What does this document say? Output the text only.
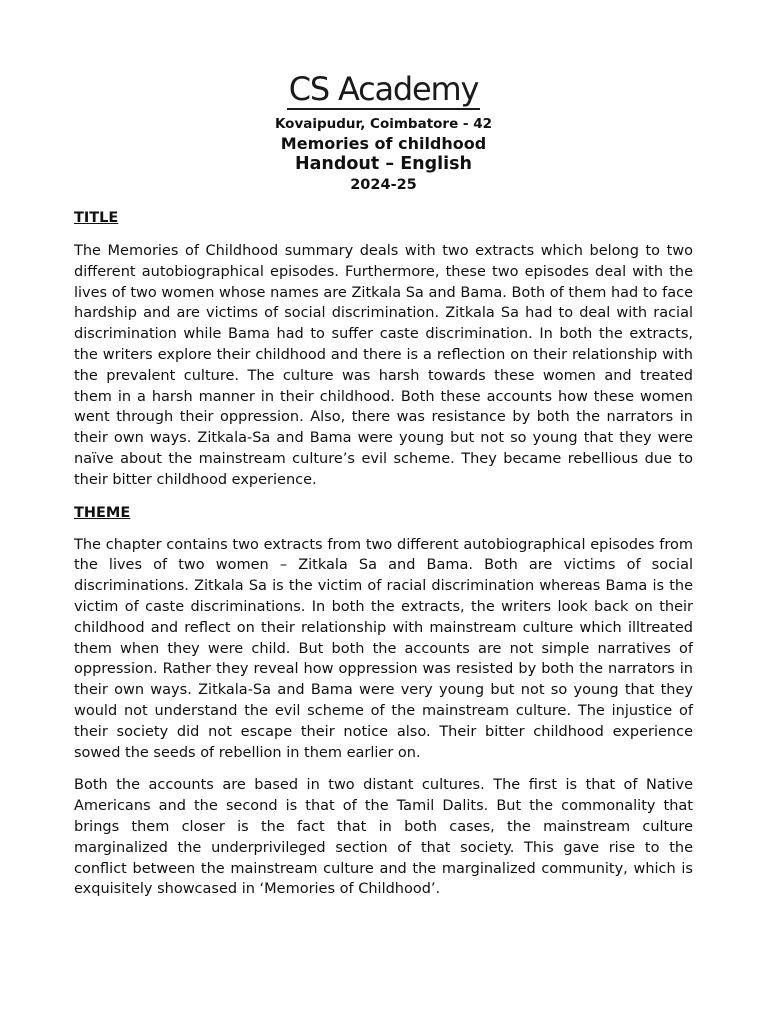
CS Academy
Kovaipudur, Coimbatore - 42
Memories of childhood
Handout – English
2024-25
TITLE

The Memories of Childhood summary deals with two extracts which belong to two different autobiographical episodes. Furthermore, these two episodes deal with the lives of two women whose names are Zitkala Sa and Bama. Both of them had to face hardship and are victims of social discrimination. Zitkala Sa had to deal with racial discrimination while Bama had to suffer caste discrimination. In both the extracts, the writers explore their childhood and there is a reflection on their relationship with the prevalent culture. The culture was harsh towards these women and treated them in a harsh manner in their childhood. Both these accounts how these women went through their oppression. Also, there was resistance by both the narrators in their own ways. Zitkala-Sa and Bama were young but not so young that they were naïve about the mainstream culture’s evil scheme. They became rebellious due to their bitter childhood experience.

THEME

The chapter contains two extracts from two different autobiographical episodes from the lives of two women – Zitkala Sa and Bama. Both are victims of social discriminations. Zitkala Sa is the victim of racial discrimination whereas Bama is the victim of caste discriminations. In both the extracts, the writers look back on their childhood and reflect on their relationship with mainstream culture which illtreated them when they were child. But both the accounts are not simple narratives of oppression. Rather they reveal how oppression was resisted by both the narrators in their own ways. Zitkala-Sa and Bama were very young but not so young that they would not understand the evil scheme of the mainstream culture. The injustice of their society did not escape their notice also. Their bitter childhood experience sowed the seeds of rebellion in them earlier on.

Both the accounts are based in two distant cultures. The first is that of Native Americans and the second is that of the Tamil Dalits. But the commonality that brings them closer is the fact that in both cases, the mainstream culture marginalized the underprivileged section of that society. This gave rise to the conflict between the mainstream culture and the marginalized community, which is exquisitely showcased in ‘Memories of Childhood’.
